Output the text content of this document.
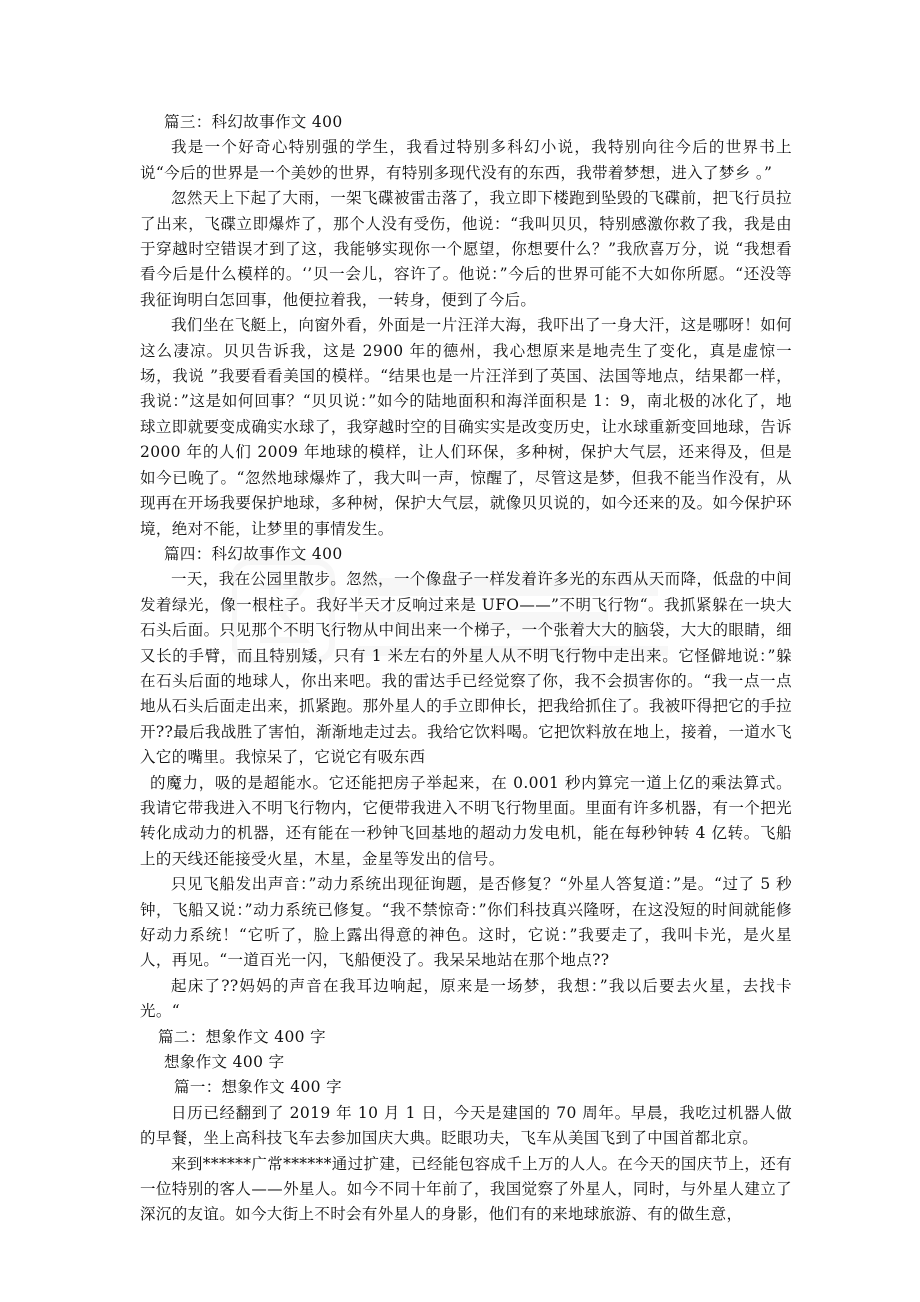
篇三：科幻故事作文 400

我是一个好奇心特别强的学生，我看过特别多科幻小说，我特别向往今后的世界书上说“今后的世界是一个美妙的世界，有特别多现代没有的东西，我带着梦想，进入了梦乡 。”

忽然天上下起了大雨，一架飞碟被雷击落了，我立即下楼跑到坠毁的飞碟前，把飞行员拉了出来，飞碟立即爆炸了，那个人没有受伤，他说：“我叫贝贝，特别感激你救了我，我是由于穿越时空错误才到了这，我能够实现你一个愿望，你想要什么？”我欣喜万分，说 “我想看看今后是什么模样的。‘’贝一会儿，容许了。他说：”今后的世界可能不大如你所愿。“还没等我征询明白怎回事，他便拉着我，一转身，便到了今后。

我们坐在飞艇上，向窗外看，外面是一片汪洋大海，我吓出了一身大汗，这是哪呀！如何这么凄凉。贝贝告诉我，这是 2900 年的德州，我心想原来是地壳生了变化，真是虚惊一场，我说 ”我要看看美国的模样。“结果也是一片汪洋到了英国、法国等地点，结果都一样，我说：”这是如何回事？“贝贝说：”如今的陆地面积和海洋面积是 1：9，南北极的冰化了，地球立即就要变成确实水球了，我穿越时空的目确实实是改变历史，让水球重新变回地球，告诉 2000 年的人们 2009 年地球的模样，让人们环保，多种树，保护大气层，还来得及，但是如今已晚了。“忽然地球爆炸了，我大叫一声，惊醒了，尽管这是梦，但我不能当作没有，从现再在开场我要保护地球，多种树，保护大气层，就像贝贝说的，如今还来的及。如今保护环境，绝对不能，让梦里的事情发生。

篇四：科幻故事作文 400

一天，我在公园里散步。忽然，一个像盘子一样发着许多光的东西从天而降，低盘的中间发着绿光，像一根柱子。我好半天才反响过来是 UFO——”不明飞行物“。我抓紧躲在一块大石头后面。只见那个不明飞行物从中间出来一个梯子，一个张着大大的脑袋，大大的眼睛，细又长的手臂，而且特别矮，只有 1 米左右的外星人从不明飞行物中走出来。它怪僻地说：”躲在石头后面的地球人，你出来吧。我的雷达手已经觉察了你，我不会损害你的。“我一点一点地从石头后面走出来，抓紧跑。那外星人的手立即伸长，把我给抓住了。我被吓得把它的手拉开??最后我战胜了害怕，渐渐地走过去。我给它饮料喝。它把饮料放在地上，接着，一道水飞入它的嘴里。我惊呆了，它说它有吸东西

的魔力，吸的是超能水。它还能把房子举起来，在 0.001 秒内算完一道上亿的乘法算式。我请它带我进入不明飞行物内，它便带我进入不明飞行物里面。里面有许多机器，有一个把光转化成动力的机器，还有能在一秒钟飞回基地的超动力发电机，能在每秒钟转 4 亿转。飞船上的天线还能接受火星，木星，金星等发出的信号。

只见飞船发出声音：”动力系统出现征询题，是否修复？“外星人答复道：”是。“过了 5 秒钟，飞船又说：”动力系统已修复。“我不禁惊奇：”你们科技真兴隆呀，在这没短的时间就能修好动力系统！“它听了，脸上露出得意的神色。这时，它说：”我要走了，我叫卡光，是火星人，再见。“一道百光一闪，飞船便没了。我呆呆地站在那个地点??

起床了??妈妈的声音在我耳边响起，原来是一场梦，我想：”我以后要去火星，去找卡光。“

篇二：想象作文 400 字

想象作文 400 字

篇一：想象作文 400 字

日历已经翻到了 2019 年 10 月 1 日，今天是建国的 70 周年。早晨，我吃过机器人做的早餐，坐上高科技飞车去参加国庆大典。眨眼功夫，飞车从美国飞到了中国首都北京。

来到******广常******通过扩建，已经能包容成千上万的人人。在今天的国庆节上，还有一位特别的客人——外星人。如今不同十年前了，我国觉察了外星人，同时，与外星人建立了深沉的友谊。如今大街上不时会有外星人的身影，他们有的来地球旅游、有的做生意，
